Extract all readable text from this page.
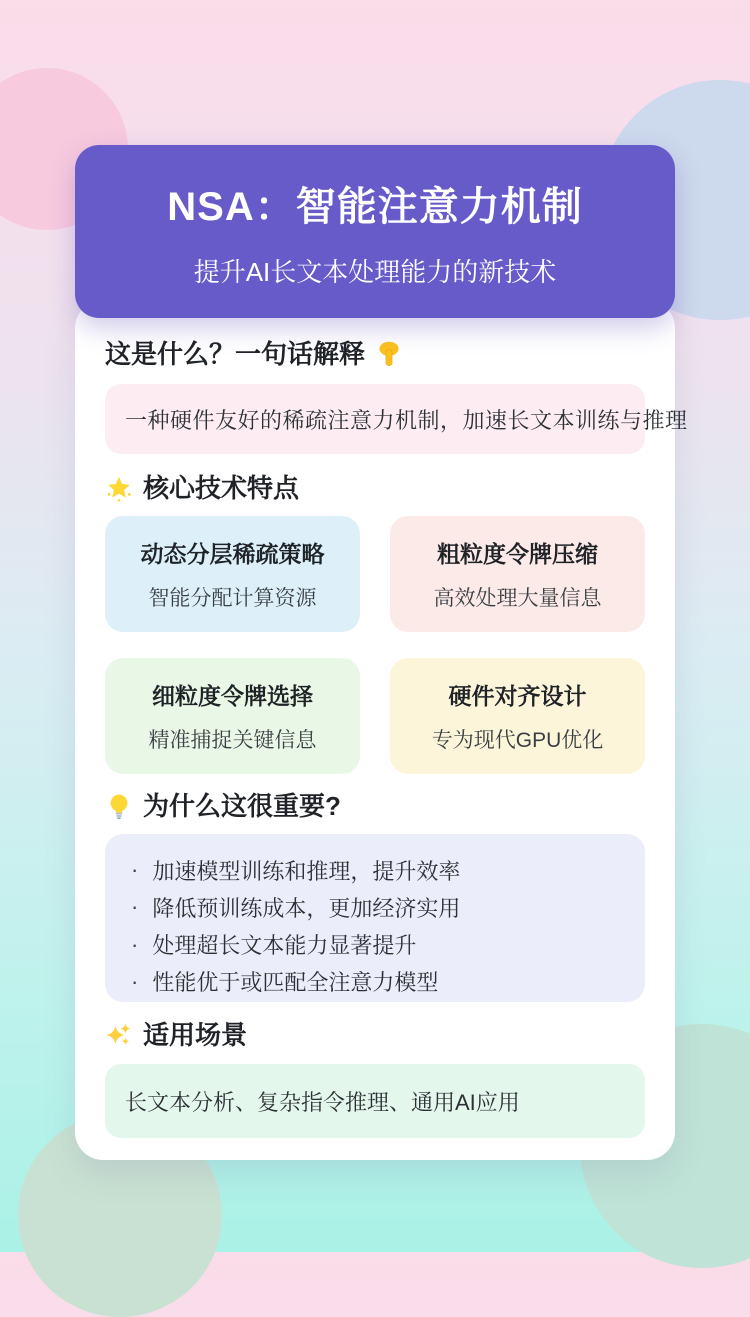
NSA：智能注意力机制
提升AI长文本处理能力的新技术
这是什么？一句话解释
一种硬件友好的稀疏注意力机制，加速长文本训练与推理
核心技术特点
动态分层稀疏策略
智能分配计算资源
粗粒度令牌压缩
高效处理大量信息
细粒度令牌选择
精准捕捉关键信息
硬件对齐设计
专为现代GPU优化
为什么这很重要?
· 加速模型训练和推理，提升效率
· 降低预训练成本，更加经济实用
· 处理超长文本能力显著提升
· 性能优于或匹配全注意力模型
适用场景
长文本分析、复杂指令推理、通用AI应用
